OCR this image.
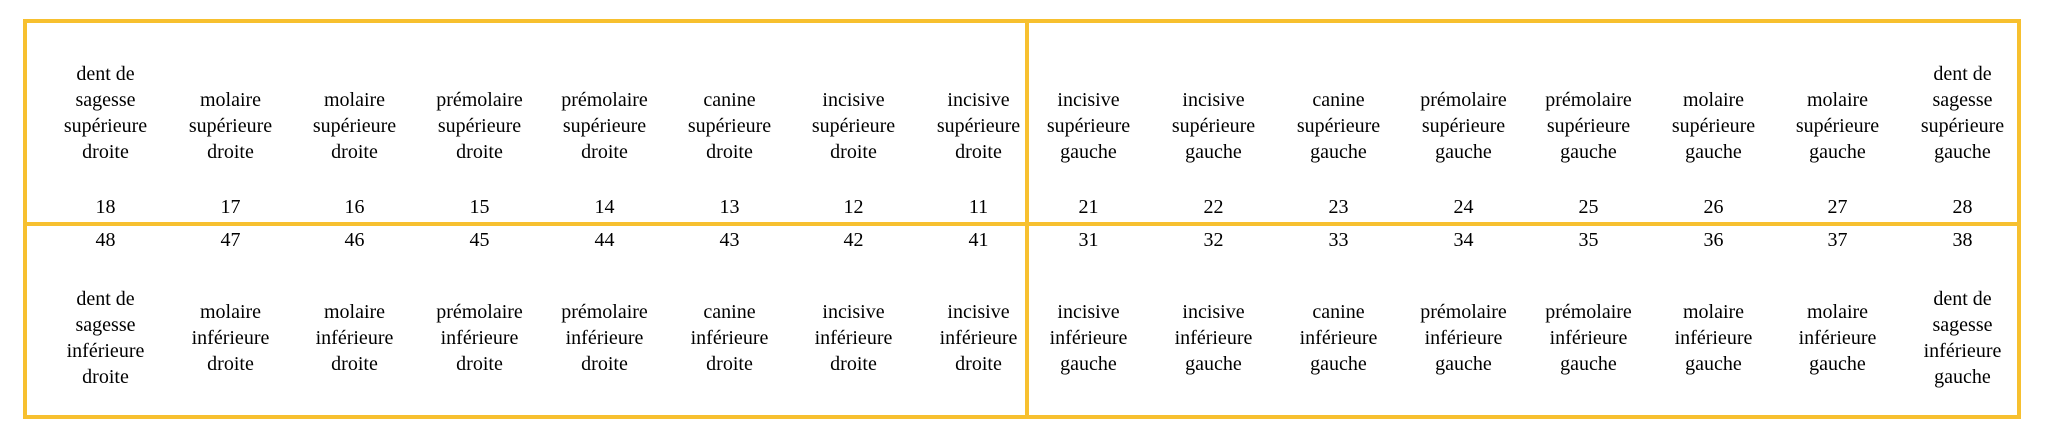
dent de
sagesse
supérieure
droite
18
molaire
supérieure
droite
17
molaire
supérieure
droite
16
prémolaire
supérieure
droite
15
prémolaire
supérieure
droite
14
canine
supérieure
droite
13
incisive
supérieure
droite
12
incisive
supérieure
droite
11
incisive
supérieure
gauche
21
incisive
supérieure
gauche
22
canine
supérieure
gauche
23
prémolaire
supérieure
gauche
24
prémolaire
supérieure
gauche
25
molaire
supérieure
gauche
26
molaire
supérieure
gauche
27
dent de
sagesse
supérieure
gauche
28
dent de
sagesse
inférieure
droite
48
molaire
inférieure
droite
47
molaire
inférieure
droite
46
prémolaire
inférieure
droite
45
prémolaire
inférieure
droite
44
canine
inférieure
droite
43
incisive
inférieure
droite
42
incisive
inférieure
droite
41
incisive
inférieure
gauche
31
incisive
inférieure
gauche
32
canine
inférieure
gauche
33
prémolaire
inférieure
gauche
34
prémolaire
inférieure
gauche
35
molaire
inférieure
gauche
36
molaire
inférieure
gauche
37
dent de
sagesse
inférieure
gauche
38
